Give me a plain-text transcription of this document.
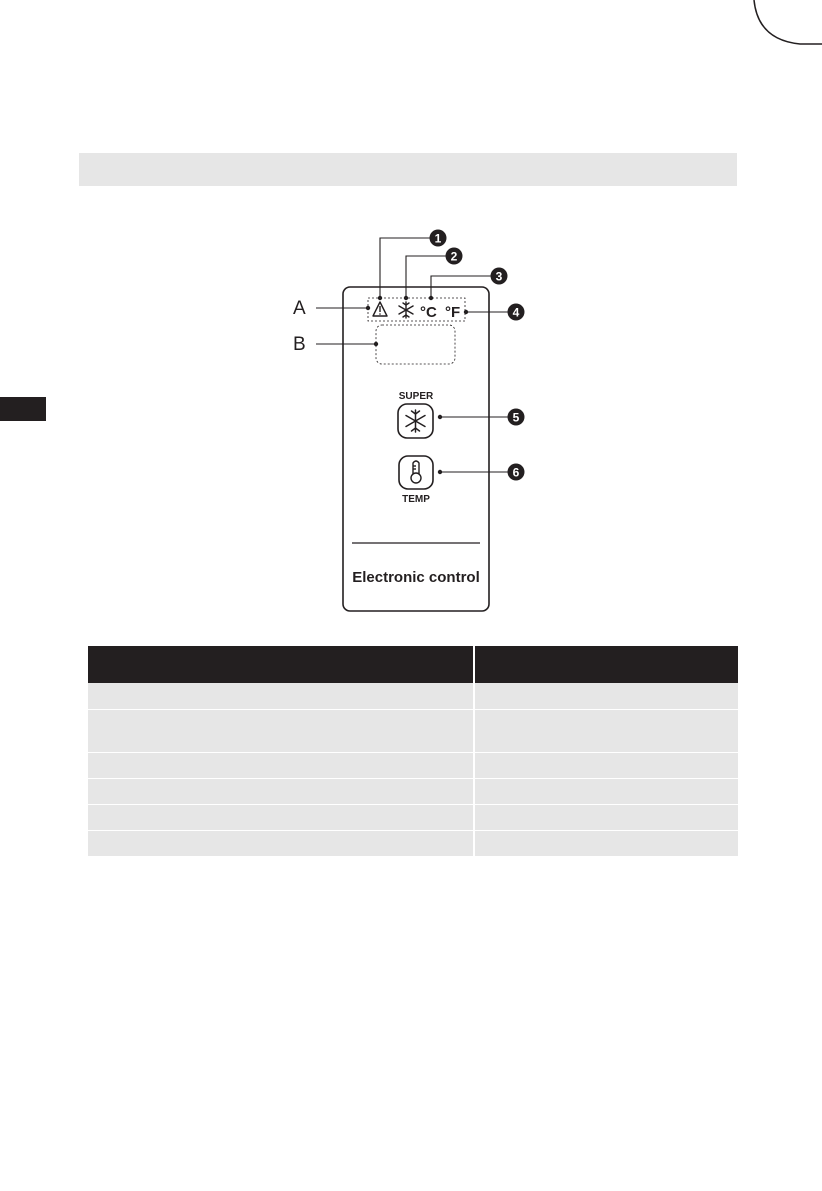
°C °F
SUPER
TEMP
Electronic control
1
2
3
4
5
6
A
B
